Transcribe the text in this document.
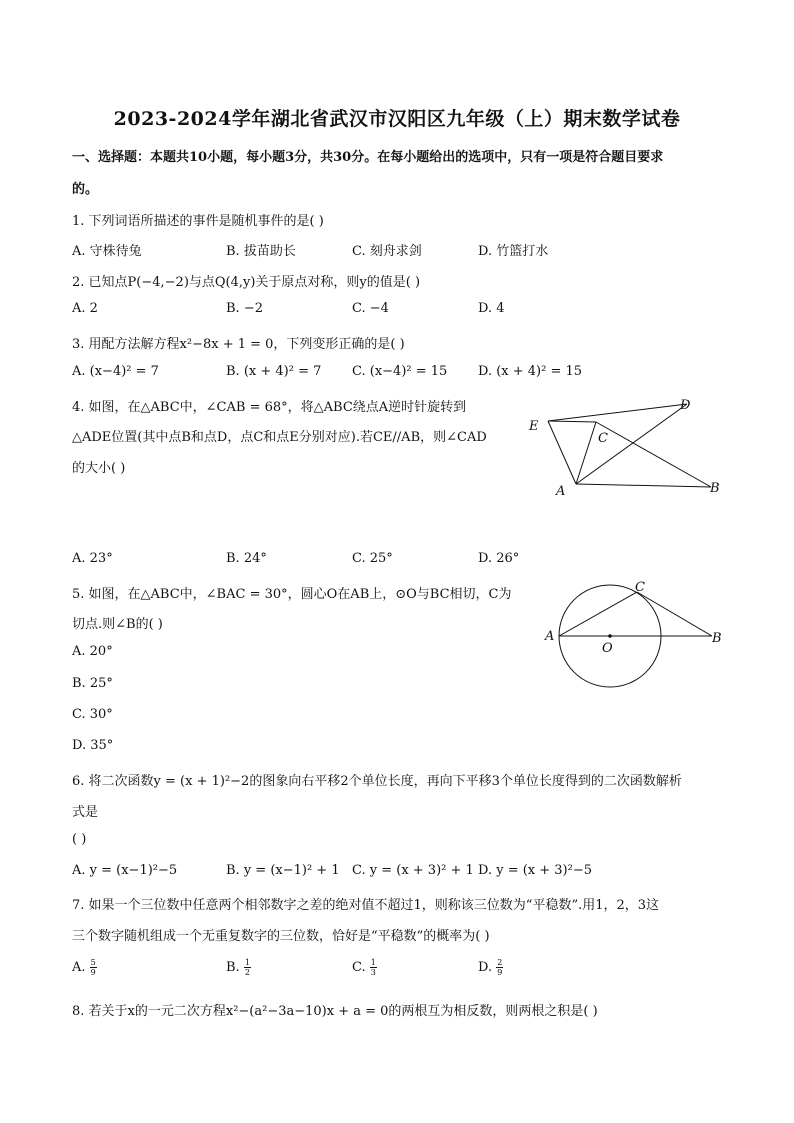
2023-2024学年湖北省武汉市汉阳区九年级（上）期末数学试卷
一、选择题：本题共10小题，每小题3分，共30分。在每小题给出的选项中，只有一项是符合题目要求
的。
1. 下列词语所描述的事件是随机事件的是( )
A. 守株待兔	B. 拔苗助长	C. 刻舟求剑	D. 竹篮打水
2. 已知点P(−4,−2)与点Q(4,y)关于原点对称，则y的值是( )
A. 2	B. −2	C. −4	D. 4
3. 用配方法解方程x²−8x + 1 = 0，下列变形正确的是( )
A. (x−4)² = 7	B. (x + 4)² = 7 C. (x−4)² = 15 D. (x + 4)² = 15
4. 如图，在△ABC中，∠CAB = 68°，将△ABC绕点A逆时针旋转到
△ADE位置(其中点B和点D，点C和点E分别对应).若CE//AB，则∠CAD
的大小( )
E
C
D
A	B
A. 23°	B. 24°	C. 25°	D. 26°
5. 如图，在△ABC中，∠BAC = 30°，圆心O在AB上，⊙O与BC相切，C为
切点.则∠B的( )
C
A
O
B
A. 20°
B. 25°
C. 30°
D. 35°
6. 将二次函数y = (x + 1)²−2的图象向右平移2个单位长度，再向下平移3个单位长度得到的二次函数解析
式是
( )
A. y = (x−1)²−5	B. y = (x−1)² + 1 C. y = (x + 3)² + 1 D. y = (x + 3)²−5
7. 如果一个三位数中任意两个相邻数字之差的绝对值不超过1，则称该三位数为“平稳数”.用1，2，3这
三个数字随机组成一个无重复数字的三位数，恰好是“平稳数”的概率为( )
A. $\frac{5}{9}$	B. $\frac{1}{2}$	C. $\frac{1}{3}$	D. $\frac{2}{9}$
8. 若关于x的一元二次方程x²−(a²−3a−10)x + a = 0的两根互为相反数，则两根之积是( )
